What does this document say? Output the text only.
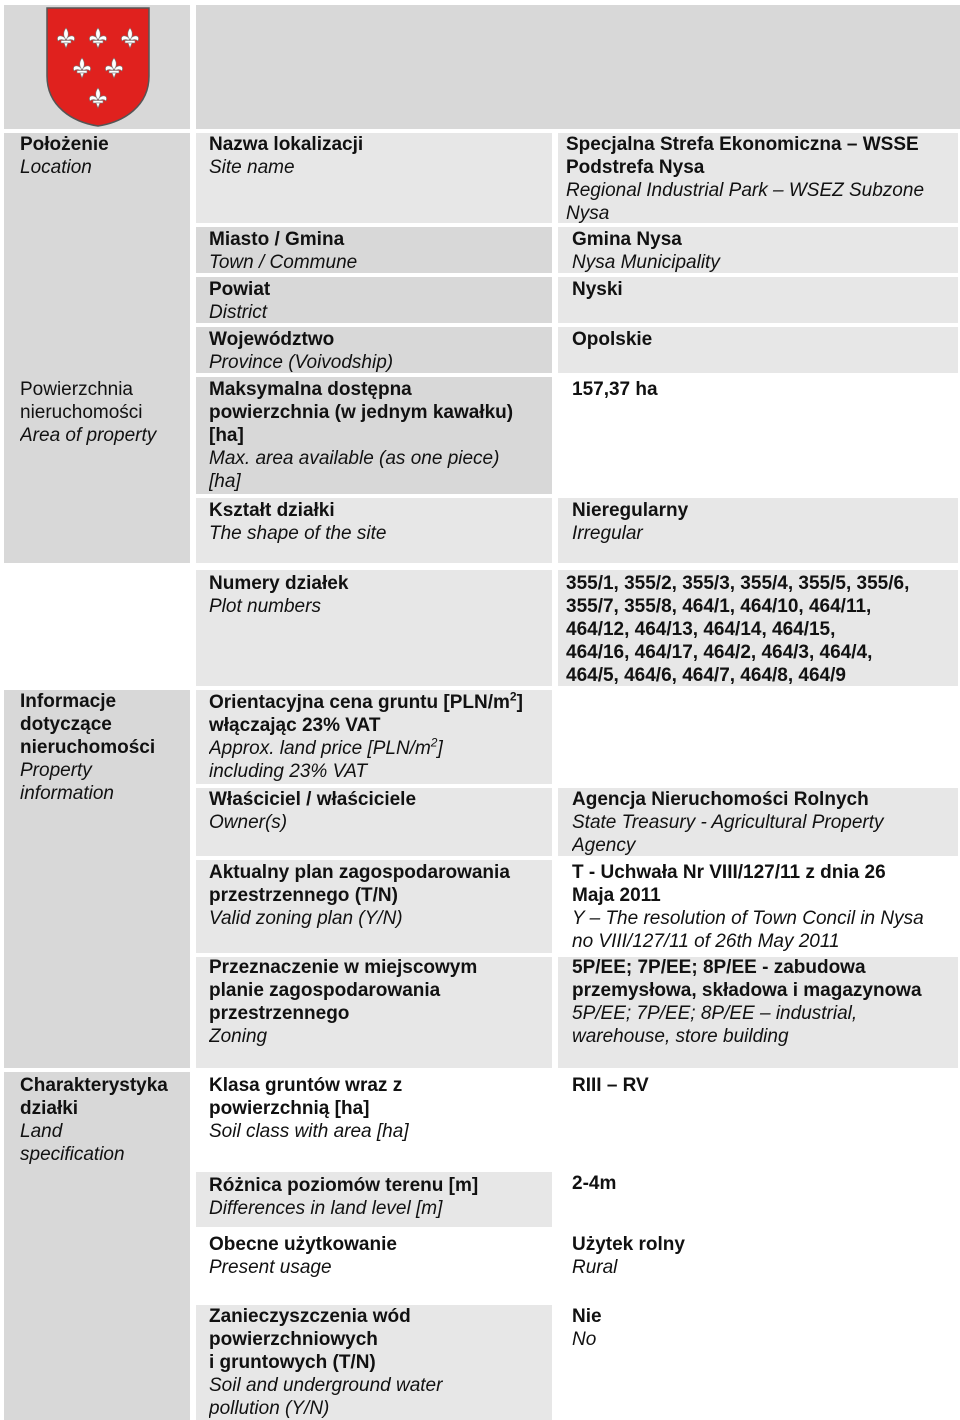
Położenie
Location
Powierzchnia
nieruchomości
Area of property
Informacje
dotyczące
nieruchomości
Property
information
Charakterystyka
działki
Land
specification
Nazwa lokalizacji
Site name
Miasto / Gmina
Town / Commune
Powiat
District
Województwo
Province (Voivodship)
Maksymalna dostępna
powierzchnia (w jednym kawałku)
[ha]
Max. area available (as one piece)
[ha]
Kształt działki
The shape of the site
Numery działek
Plot numbers
Orientacyjna cena gruntu $[PLN/m^2]$
włączając 23% VAT
Approx. land price $[PLN/m^2]$
including 23% VAT
Właściciel / właściciele
Owner(s)
Aktualny plan zagospodarowania
przestrzennego (T/N)
Valid zoning plan (Y/N)
Przeznaczenie w miejscowym
planie zagospodarowania
przestrzennego
Zoning
Klasa gruntów wraz z
powierzchnią [ha]
Soil class with area [ha]
Różnica poziomów terenu [m]
Differences in land level [m]
Obecne użytkowanie
Present usage
Zanieczyszczenia wód
powierzchniowych
i gruntowych (T/N)
Soil and underground water
pollution (Y/N)
Specjalna Strefa Ekonomiczna – WSSE
Podstrefa Nysa
Regional Industrial Park – WSEZ Subzone
Nysa
Gmina Nysa
Nysa Municipality
Nyski
Opolskie
157,37 ha
Nieregularny
Irregular
355/1, 355/2, 355/3, 355/4, 355/5, 355/6,
355/7, 355/8, 464/1, 464/10, 464/11,
464/12, 464/13, 464/14, 464/15,
464/16, 464/17, 464/2, 464/3, 464/4,
464/5, 464/6, 464/7, 464/8, 464/9
Agencja Nieruchomości Rolnych
State Treasury - Agricultural Property
Agency
T - Uchwała Nr VIII/127/11 z dnia 26
Maja 2011
Y – The resolution of Town Concil in Nysa
no VIII/127/11 of 26th May 2011
5P/EE; 7P/EE; 8P/EE - zabudowa
przemysłowa, składowa i magazynowa
5P/EE; 7P/EE; 8P/EE – industrial,
warehouse, store building
RIII – RV
2-4m
Użytek rolny
Rural
Nie
No
